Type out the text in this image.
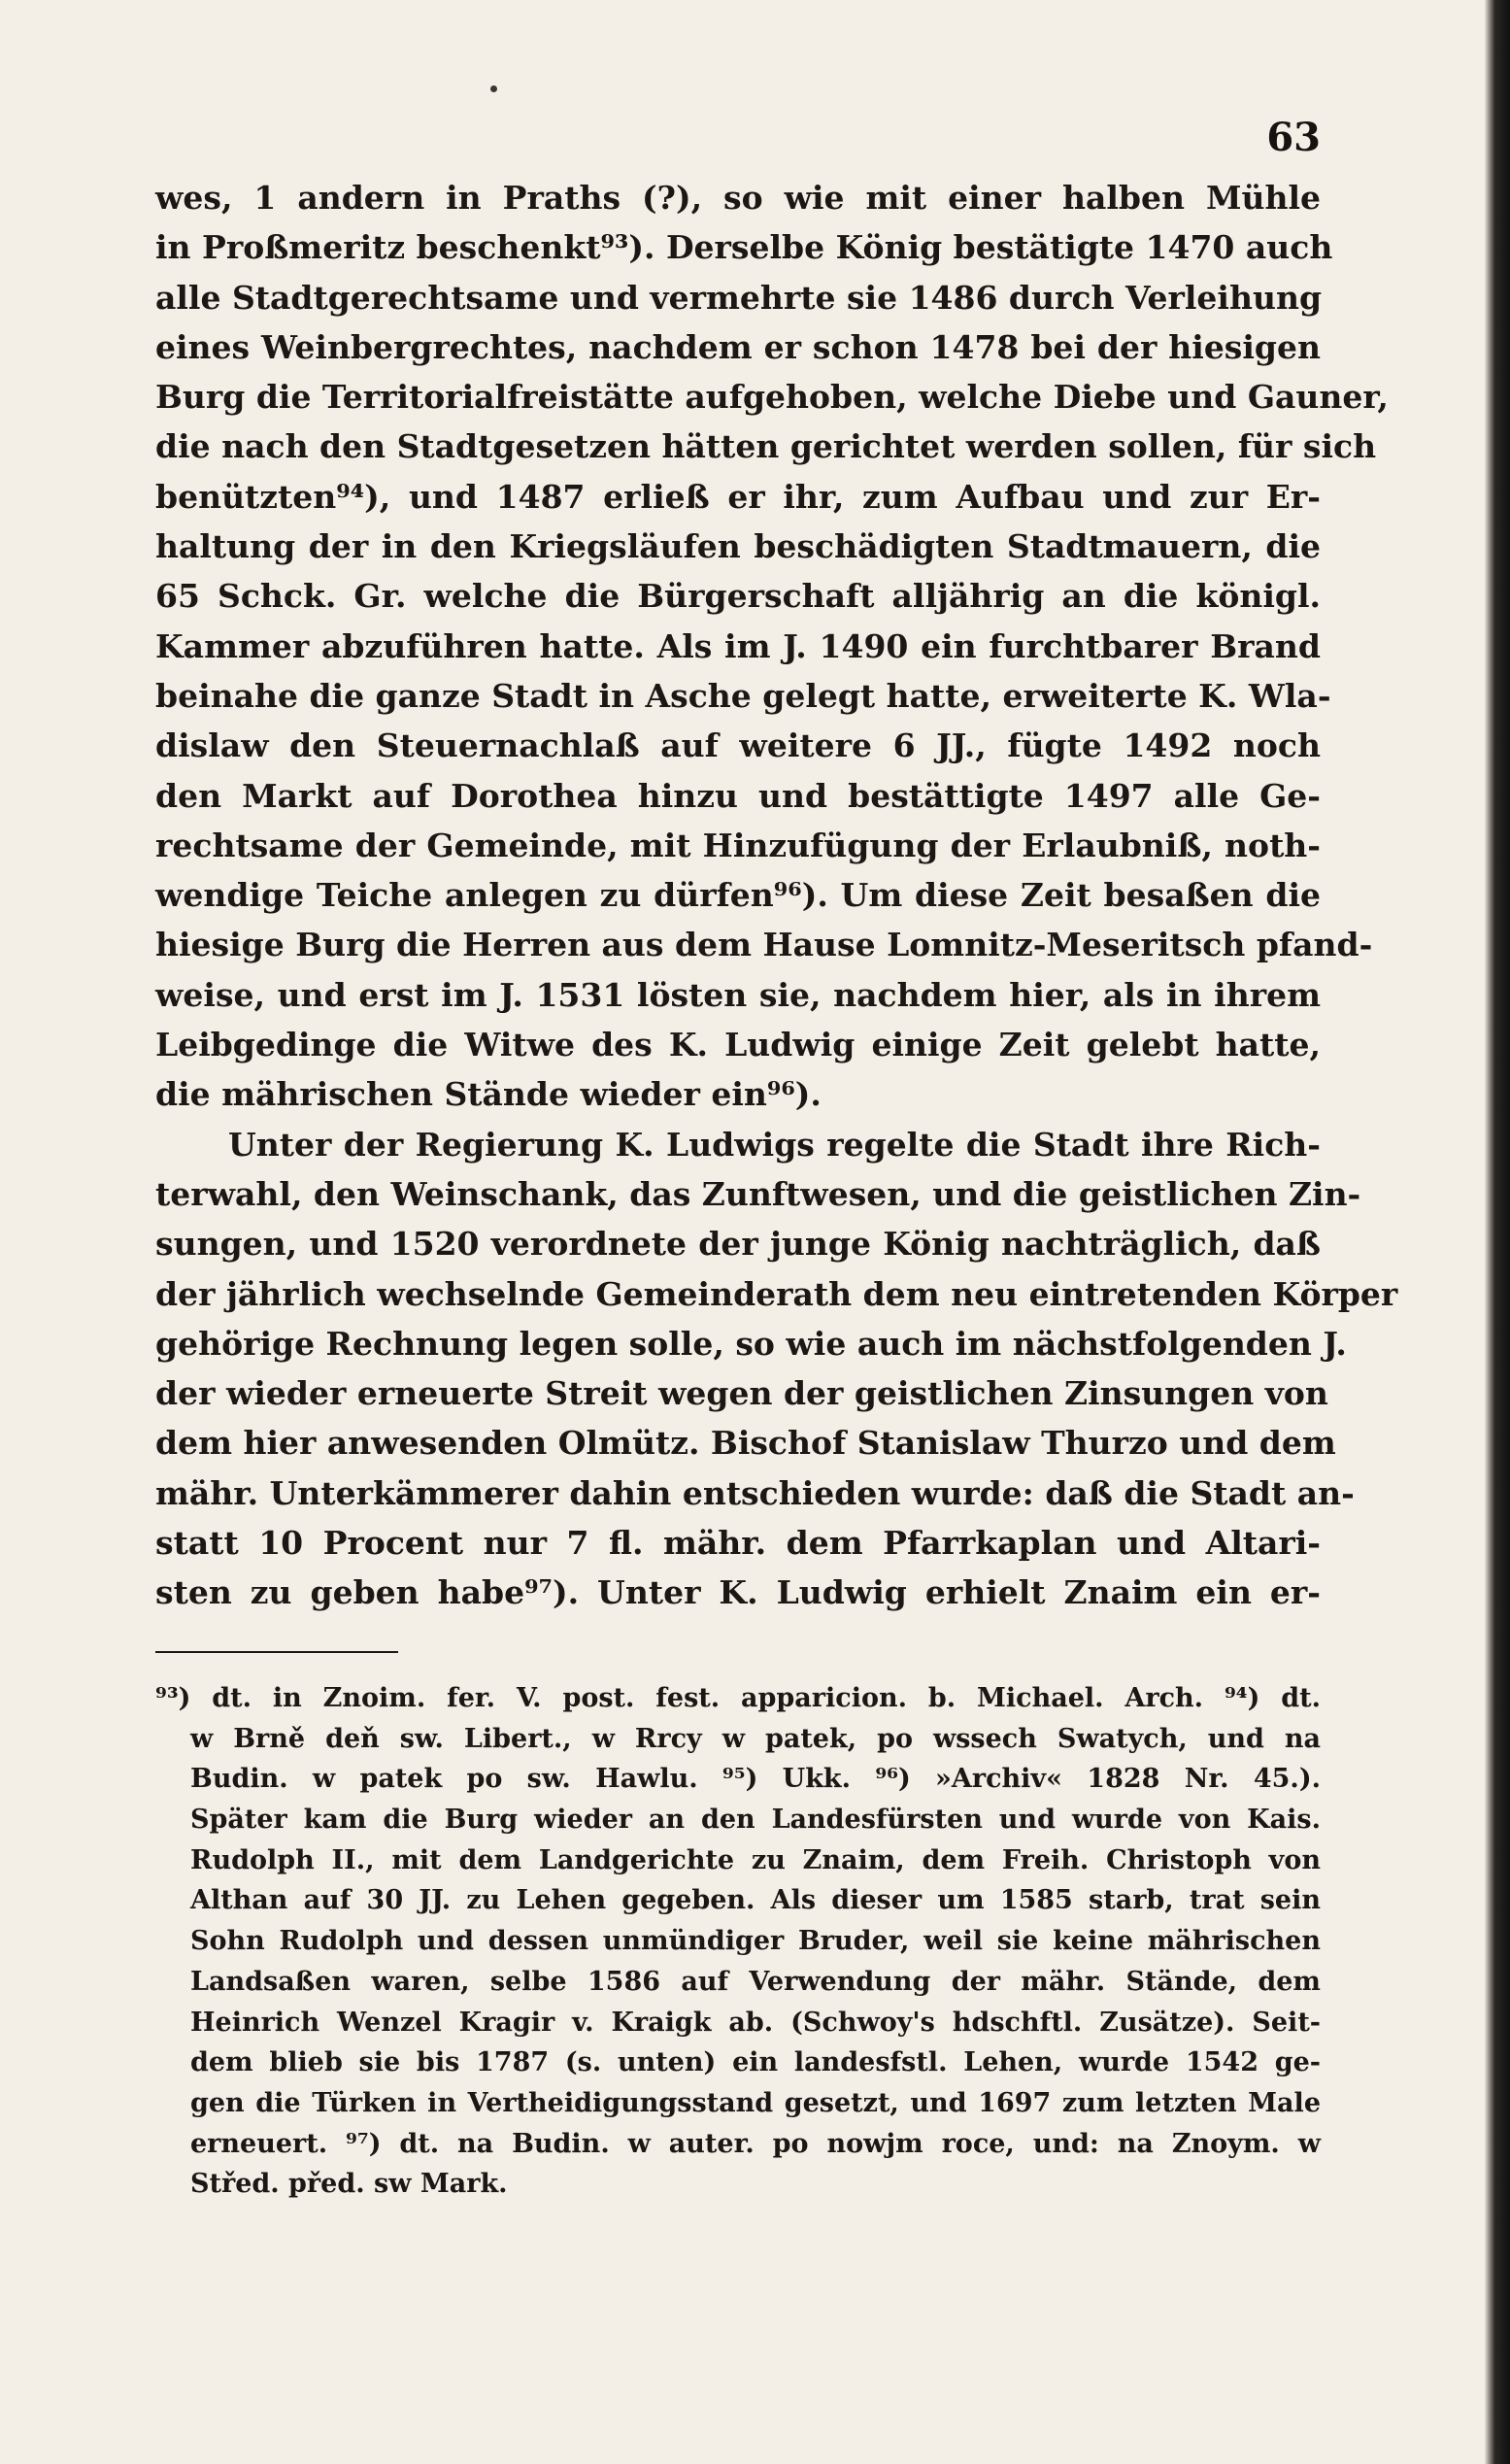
63
wes, 1 andern in Praths (?), so wie mit einer halben Mühle
in Proßmeritz beschenkt⁹³). Derselbe König bestätigte 1470 auch
alle Stadtgerechtsame und vermehrte sie 1486 durch Verleihung
eines Weinbergrechtes, nachdem er schon 1478 bei der hiesigen
Burg die Territorialfreistätte aufgehoben, welche Diebe und Gauner,
die nach den Stadtgesetzen hätten gerichtet werden sollen, für sich
benützten⁹⁴), und 1487 erließ er ihr, zum Aufbau und zur Er-
haltung der in den Kriegsläufen beschädigten Stadtmauern, die
65 Schck. Gr. welche die Bürgerschaft alljährig an die königl.
Kammer abzuführen hatte. Als im J. 1490 ein furchtbarer Brand
beinahe die ganze Stadt in Asche gelegt hatte, erweiterte K. Wla-
dislaw den Steuernachlaß auf weitere 6 JJ., fügte 1492 noch
den Markt auf Dorothea hinzu und bestättigte 1497 alle Ge-
rechtsame der Gemeinde, mit Hinzufügung der Erlaubniß, noth-
wendige Teiche anlegen zu dürfen⁹⁶). Um diese Zeit besaßen die
hiesige Burg die Herren aus dem Hause Lomnitz-Meseritsch pfand-
weise, und erst im J. 1531 lösten sie, nachdem hier, als in ihrem
Leibgedinge die Witwe des K. Ludwig einige Zeit gelebt hatte,
die mährischen Stände wieder ein⁹⁶).
Unter der Regierung K. Ludwigs regelte die Stadt ihre Rich-
terwahl, den Weinschank, das Zunftwesen, und die geistlichen Zin-
sungen, und 1520 verordnete der junge König nachträglich, daß
der jährlich wechselnde Gemeinderath dem neu eintretenden Körper
gehörige Rechnung legen solle, so wie auch im nächstfolgenden J.
der wieder erneuerte Streit wegen der geistlichen Zinsungen von
dem hier anwesenden Olmütz. Bischof Stanislaw Thurzo und dem
mähr. Unterkämmerer dahin entschieden wurde: daß die Stadt an-
statt 10 Procent nur 7 fl. mähr. dem Pfarrkaplan und Altari-
sten zu geben habe⁹⁷). Unter K. Ludwig erhielt Znaim ein er-
⁹³) dt. in Znoim. fer. V. post. fest. apparicion. b. Michael. Arch. ⁹⁴) dt.
w Brně deň sw. Libert., w Rrcy w patek, po wssech Swatych, und na
Budin. w patek po sw. Hawlu. ⁹⁵) Ukk. ⁹⁶) »Archiv« 1828 Nr. 45.).
Später kam die Burg wieder an den Landesfürsten und wurde von Kais.
Rudolph II., mit dem Landgerichte zu Znaim, dem Freih. Christoph von
Althan auf 30 JJ. zu Lehen gegeben. Als dieser um 1585 starb, trat sein
Sohn Rudolph und dessen unmündiger Bruder, weil sie keine mährischen
Landsaßen waren, selbe 1586 auf Verwendung der mähr. Stände, dem
Heinrich Wenzel Kragir v. Kraigk ab. (Schwoy's hdschftl. Zusätze). Seit-
dem blieb sie bis 1787 (s. unten) ein landesfstl. Lehen, wurde 1542 ge-
gen die Türken in Vertheidigungsstand gesetzt, und 1697 zum letzten Male
erneuert. ⁹⁷) dt. na Budin. w auter. po nowjm roce, und: na Znoym. w
Střed. před. sw Mark.
